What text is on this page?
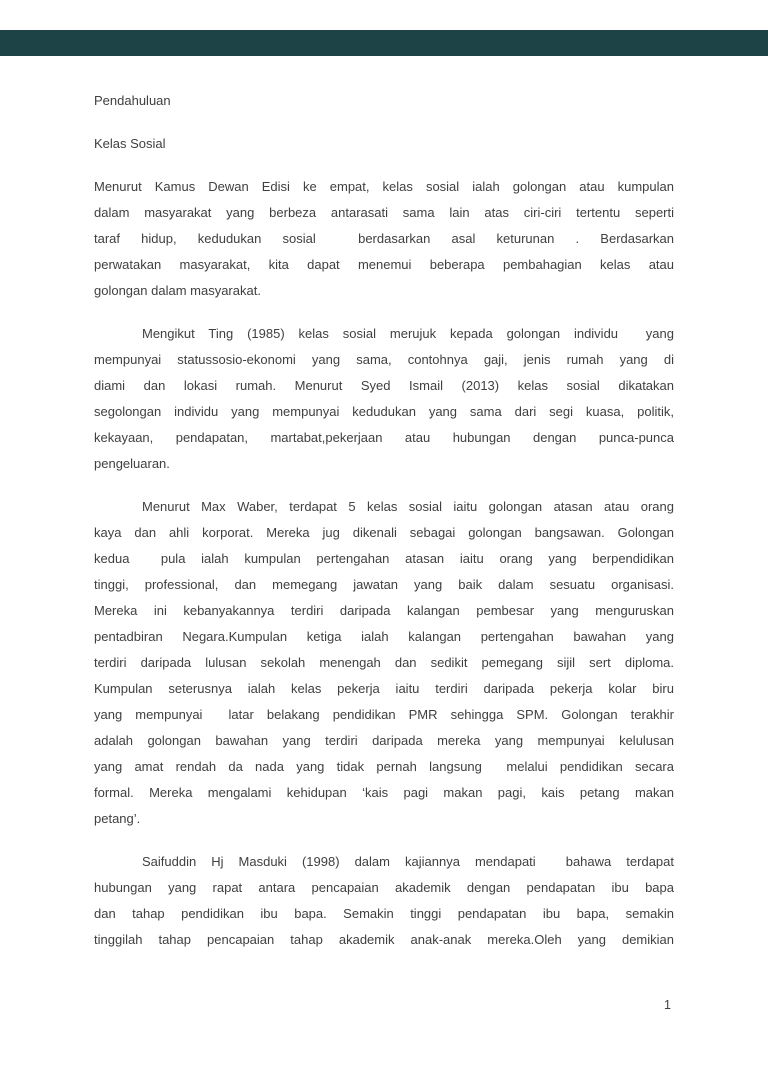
Pendahuluan
Kelas Sosial
Menurut Kamus Dewan Edisi ke empat, kelas sosial ialah golongan atau kumpulan
dalam masyarakat yang berbeza antarasati sama lain atas ciri-ciri tertentu seperti
taraf hidup, kedudukan sosial  berdasarkan asal keturunan . Berdasarkan
perwatakan masyarakat, kita dapat menemui beberapa pembahagian kelas atau
golongan dalam masyarakat.
Mengikut Ting (1985) kelas sosial merujuk kepada golongan individu  yang
mempunyai statussosio-ekonomi yang sama, contohnya gaji, jenis rumah yang di
diami dan lokasi rumah. Menurut Syed Ismail (2013) kelas sosial dikatakan
segolongan individu yang mempunyai kedudukan yang sama dari segi kuasa, politik,
kekayaan, pendapatan, martabat,pekerjaan atau hubungan dengan punca-punca
pengeluaran.
Menurut Max Waber, terdapat 5 kelas sosial iaitu golongan atasan atau orang
kaya dan ahli korporat. Mereka jug dikenali sebagai golongan bangsawan. Golongan
kedua  pula ialah kumpulan pertengahan atasan iaitu orang yang berpendidikan
tinggi, professional, dan memegang jawatan yang baik dalam sesuatu organisasi.
Mereka ini kebanyakannya terdiri daripada kalangan pembesar yang menguruskan
pentadbiran Negara.Kumpulan ketiga ialah kalangan pertengahan bawahan yang
terdiri daripada lulusan sekolah menengah dan sedikit pemegang sijil sert diploma.
Kumpulan seterusnya ialah kelas pekerja iaitu terdiri daripada pekerja kolar biru
yang mempunyai  latar belakang pendidikan PMR sehingga SPM. Golongan terakhir
adalah golongan bawahan yang terdiri daripada mereka yang mempunyai kelulusan
yang amat rendah da nada yang tidak pernah langsung  melalui pendidikan secara
formal. Mereka mengalami kehidupan ‘kais pagi makan pagi, kais petang makan
petang’.
Saifuddin Hj Masduki (1998) dalam kajiannya mendapati  bahawa terdapat
hubungan yang rapat antara pencapaian akademik dengan pendapatan ibu bapa
dan tahap pendidikan ibu bapa. Semakin tinggi pendapatan ibu bapa, semakin
tinggilah tahap pencapaian tahap akademik anak-anak mereka.Oleh yang demikian
1
